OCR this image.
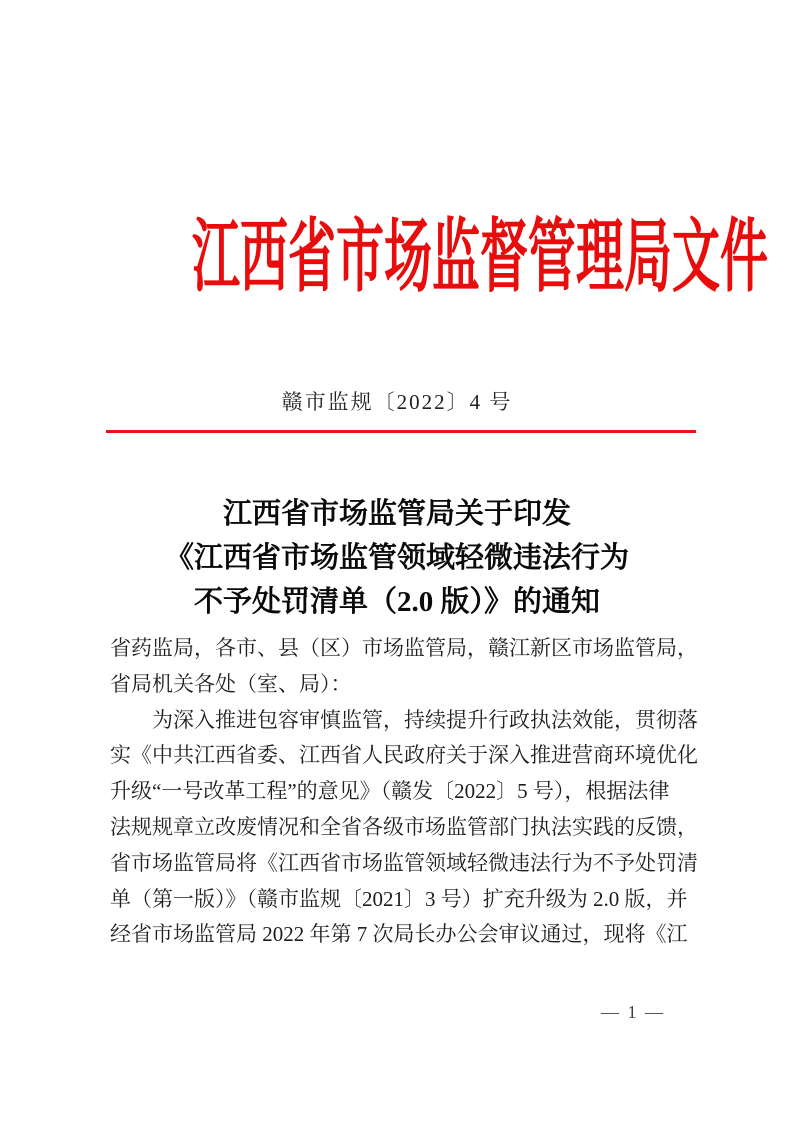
江西省市场监督管理局文件
赣市监规〔2022〕4 号
江西省市场监管局关于印发
《江西省市场监管领域轻微违法行为
不予处罚清单（2.0 版）》的通知
省药监局，各市、县（区）市场监管局，赣江新区市场监管局，
省局机关各处（室、局）：
为深入推进包容审慎监管，持续提升行政执法效能，贯彻落
实《中共江西省委、江西省人民政府关于深入推进营商环境优化
升级“一号改革工程”的意见》（赣发〔2022〕5 号），根据法律
法规规章立改废情况和全省各级市场监管部门执法实践的反馈，
省市场监管局将《江西省市场监管领域轻微违法行为不予处罚清
单（第一版）》（赣市监规〔2021〕3 号）扩充升级为 2.0 版，并
经省市场监管局 2022 年第 7 次局长办公会审议通过，现将《江
— 1 —
